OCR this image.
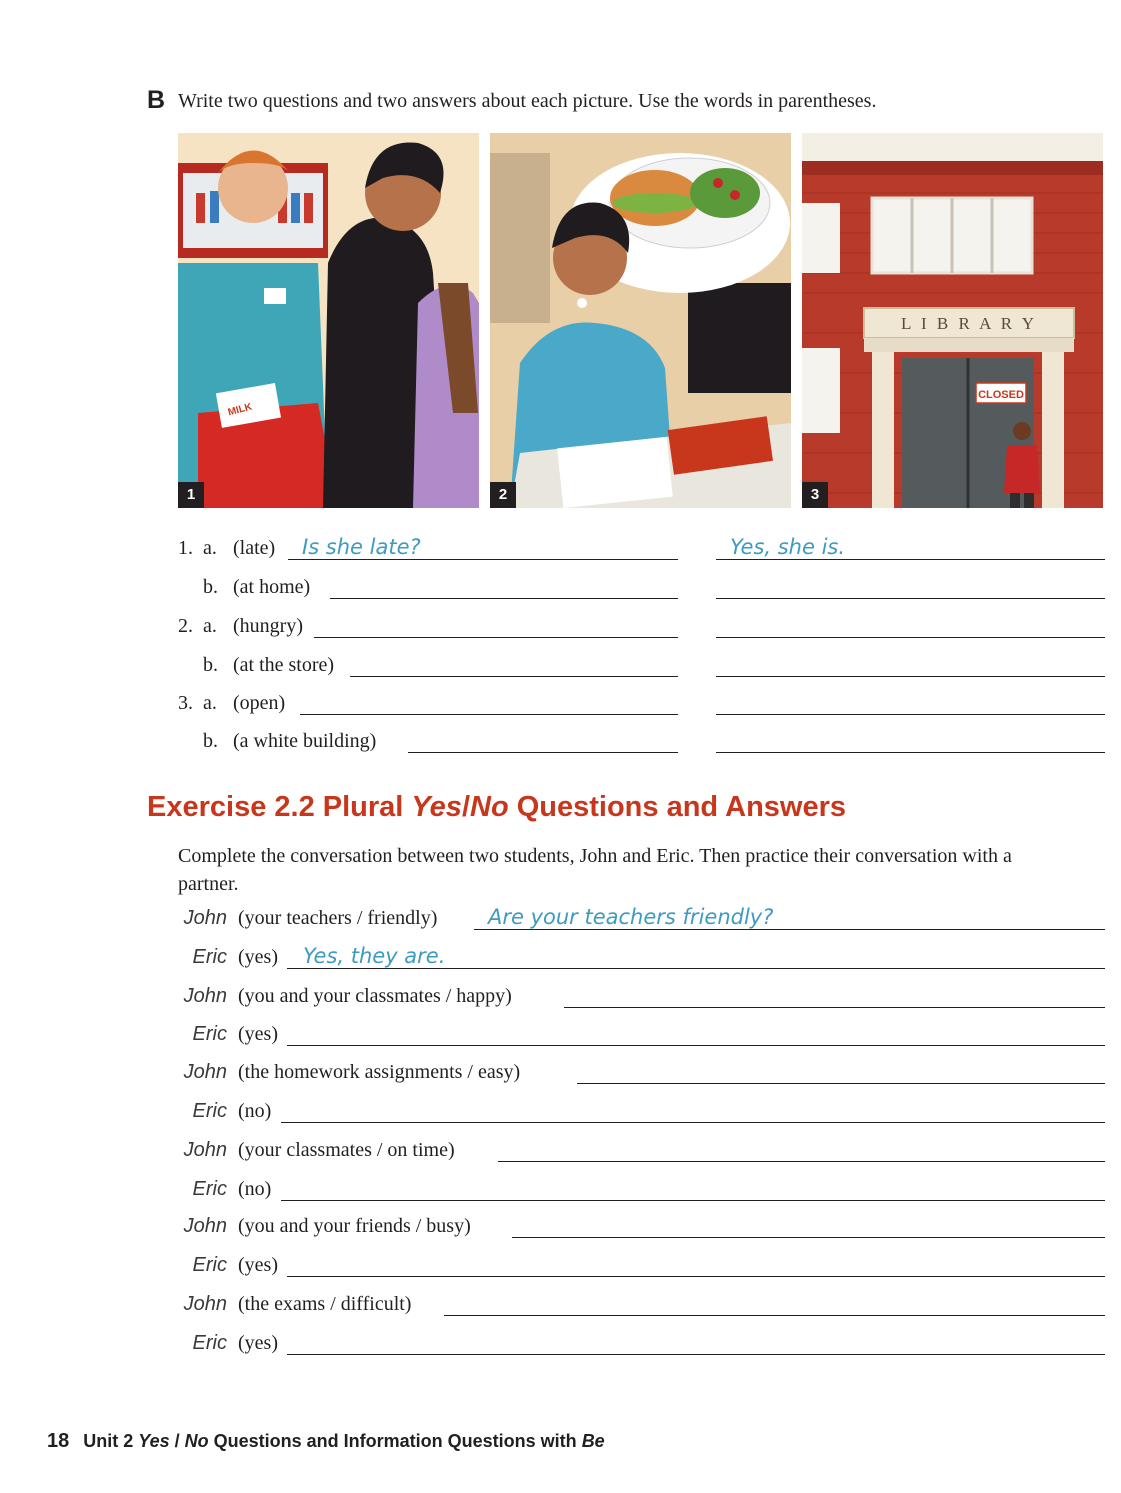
B Write two questions and two answers about each picture. Use the words in parentheses.
MILK
1	2
L I B R A R Y
CLOSED
3
1. a. (late) Is she late?	Yes, she is.
b. (at home)
2. a. (hungry)
b. (at the store)
3. a. (open)
b. (a white building)
Exercise 2.2 Plural Yes/No Questions and Answers
Complete the conversation between two students, John and Eric. Then practice their conversation with a partner.
John (your teachers / friendly) Are your teachers friendly?
Eric (yes) Yes, they are.
John (you and your classmates / happy)
Eric (yes)
John (the homework assignments / easy)
Eric (no)
John (your classmates / on time)
Eric (no)
John (you and your friends / busy)
Eric (yes)
John (the exams / difficult)
Eric (yes)
18 Unit 2 Yes / No Questions and Information Questions with Be
